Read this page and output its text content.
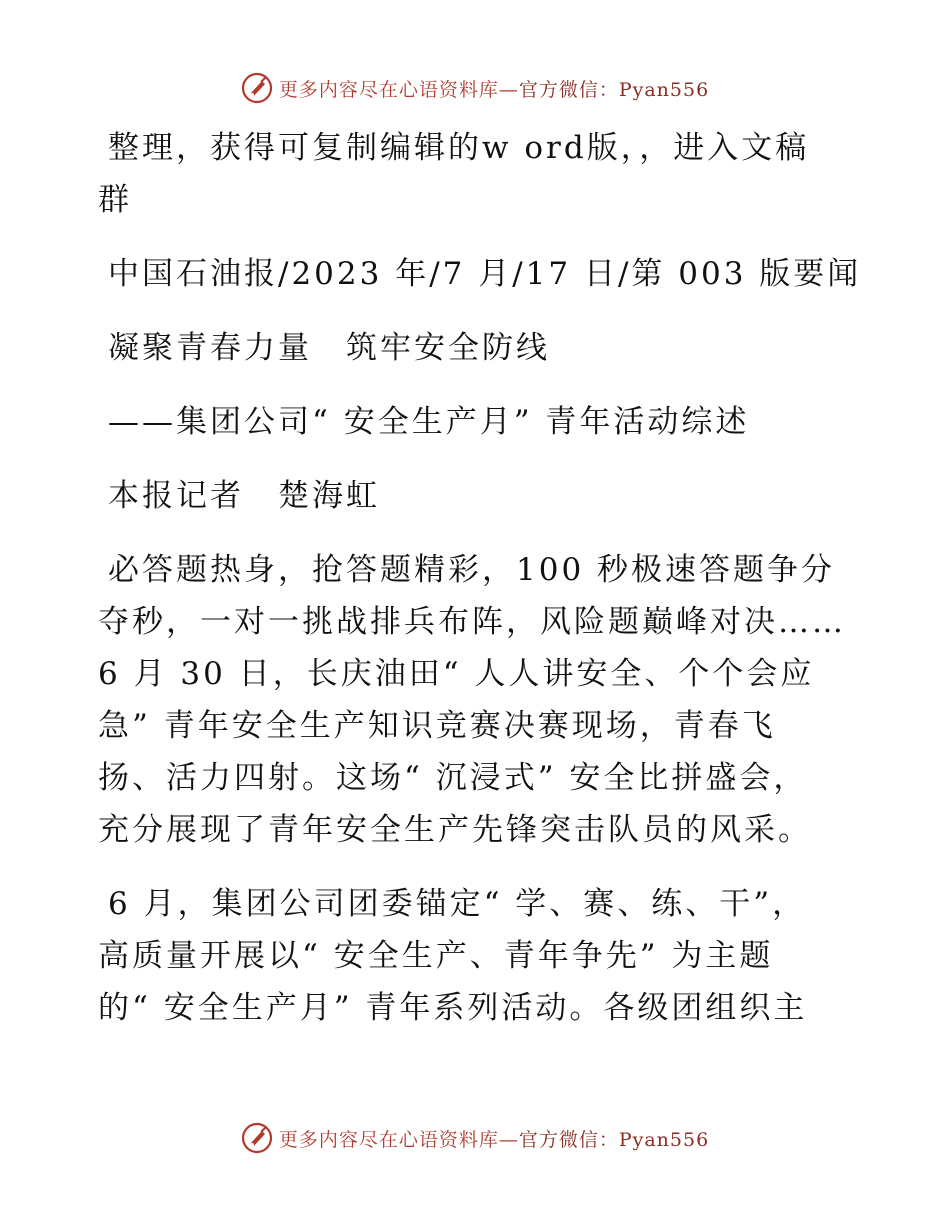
更多内容尽在心语资料库—官方微信：Pyan556

整理，获得可复制编辑的w ord版，，进入文稿

群

中国石油报/2023 年/7 月/17 日/第 003 版要闻

凝聚青春力量　筑牢安全防线

——集团公司“ 安全生产月” 青年活动综述

本报记者　楚海虹

必答题热身，抢答题精彩，100 秒极速答题争分

夺秒，一对一挑战排兵布阵，风险题巅峰对决……

6 月 30 日，长庆油田“ 人人讲安全、个个会应

急” 青年安全生产知识竞赛决赛现场，青春飞

扬、活力四射。这场“ 沉浸式” 安全比拼盛会，

充分展现了青年安全生产先锋突击队员的风采。

6 月，集团公司团委锚定“ 学、赛、练、干”，

高质量开展以“ 安全生产、青年争先” 为主题

的“ 安全生产月” 青年系列活动。各级团组织主

更多内容尽在心语资料库—官方微信：Pyan556
